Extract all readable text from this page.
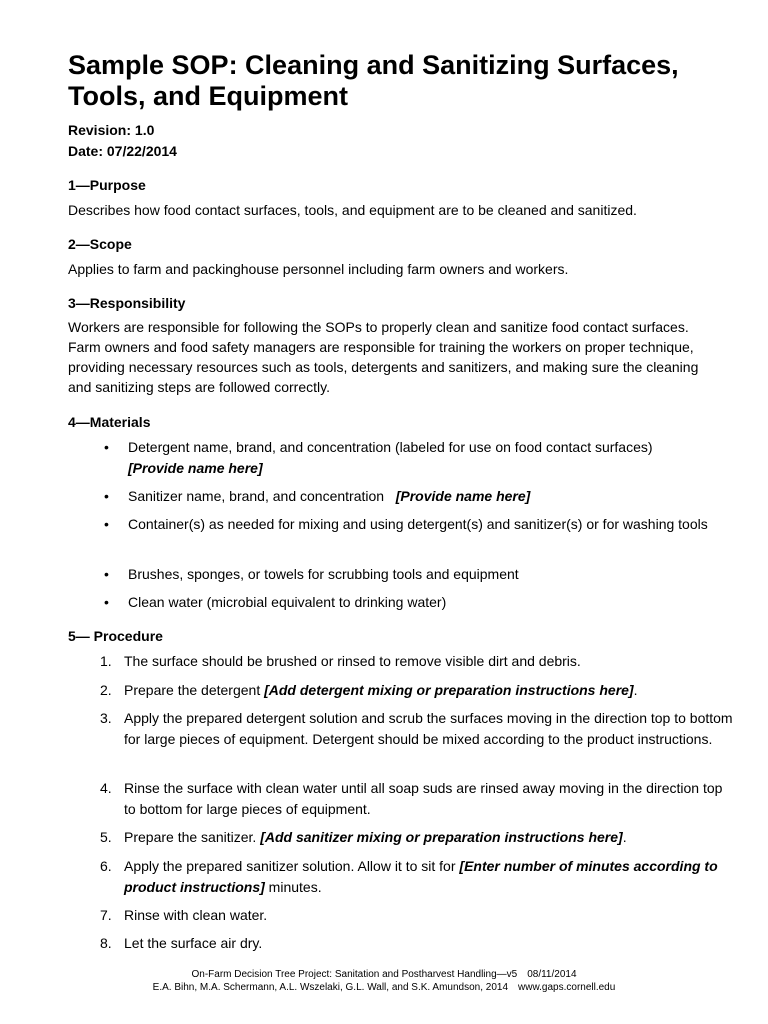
Sample SOP: Cleaning and Sanitizing Surfaces, Tools, and Equipment
Revision: 1.0
Date: 07/22/2014
1—Purpose
Describes how food contact surfaces, tools, and equipment are to be cleaned and sanitized.
2—Scope
Applies to farm and packinghouse personnel including farm owners and workers.
3—Responsibility
Workers are responsible for following the SOPs to properly clean and sanitize food contact surfaces.
Farm owners and food safety managers are responsible for training the workers on proper technique,
providing necessary resources such as tools, detergents and sanitizers, and making sure the cleaning
and sanitizing steps are followed correctly.
4—Materials
• Detergent name, brand, and concentration (labeled for use on food contact surfaces)
[Provide name here]
• Sanitizer name, brand, and concentration [Provide name here]
• Container(s) as needed for mixing and using detergent(s) and sanitizer(s) or for washing tools
• Brushes, sponges, or towels for scrubbing tools and equipment
• Clean water (microbial equivalent to drinking water)
5— Procedure
1. The surface should be brushed or rinsed to remove visible dirt and debris.
2. Prepare the detergent [Add detergent mixing or preparation instructions here].
3. Apply the prepared detergent solution and scrub the surfaces moving in the direction top to bottom for large pieces of equipment. Detergent should be mixed according to the product instructions.
4. Rinse the surface with clean water until all soap suds are rinsed away moving in the direction top to bottom for large pieces of equipment.
5. Prepare the sanitizer. [Add sanitizer mixing or preparation instructions here].
6. Apply the prepared sanitizer solution. Allow it to sit for [Enter number of minutes according to product instructions] minutes.
7. Rinse with clean water.
8. Let the surface air dry.
On-Farm Decision Tree Project: Sanitation and Postharvest Handling—v5 08/11/2014
E.A. Bihn, M.A. Schermann, A.L. Wszelaki, G.L. Wall, and S.K. Amundson, 2014 www.gaps.cornell.edu
